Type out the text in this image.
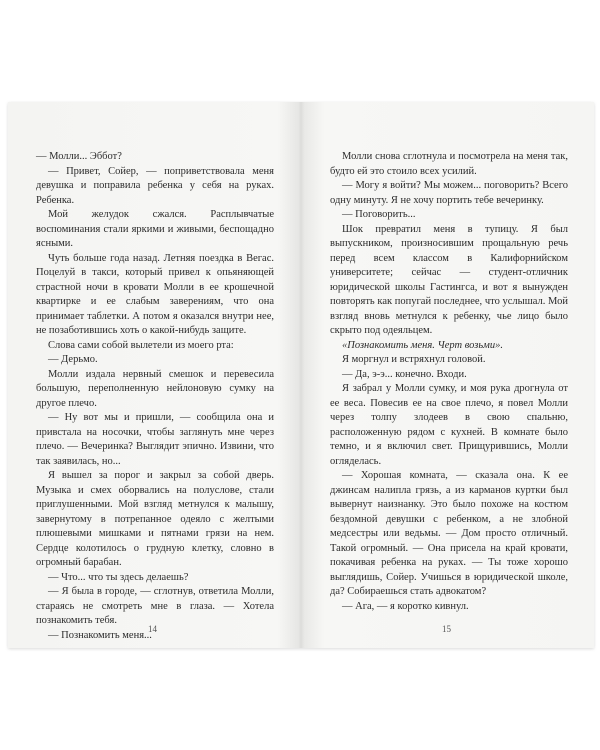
— Молли... Эббот?

— Привет, Сойер, — поприветствовала меня девушка и поправила ребенка у себя на руках. Ребенка.

Мой желудок сжался. Расплывчатые воспоминания стали яркими и живыми, беспощадно ясными.

Чуть больше года назад. Летняя поездка в Вегас. Поцелуй в такси, который привел к опьяняющей страстной ночи в кровати Молли в ее крошечной квартирке и ее слабым заверениям, что она принимает таблетки. А потом я оказался внутри нее, не позаботившись хоть о какой-нибудь защите.

Слова сами собой вылетели из моего рта:

— Дерьмо.

Молли издала нервный смешок и перевесила большую, переполненную нейлоновую сумку на другое плечо.

— Ну вот мы и пришли, — сообщила она и привстала на носочки, чтобы заглянуть мне через плечо. — Вечеринка? Выглядит эпично. Извини, что так заявилась, но...

Я вышел за порог и закрыл за собой дверь. Музыка и смех оборвались на полуслове, стали приглушенными. Мой взгляд метнулся к малышу, завернутому в потрепанное одеяло с желтыми плюшевыми мишками и пятнами грязи на нем. Сердце колотилось о грудную клетку, словно в огромный барабан.

— Что... что ты здесь делаешь?

— Я была в городе, — сглотнув, ответила Молли, стараясь не смотреть мне в глаза. — Хотела познакомить тебя.

— Познакомить меня...

Молли снова сглотнула и посмотрела на меня так, будто ей это стоило всех усилий.

— Могу я войти? Мы можем... поговорить? Всего одну минуту. Я не хочу портить тебе вечеринку.

— Поговорить...

Шок превратил меня в тупицу. Я был выпускником, произносившим прощальную речь перед всем классом в Калифорнийском университете; сейчас — студент-отличник юридической школы Гастингса, и вот я вынужден повторять как попугай последнее, что услышал. Мой взгляд вновь метнулся к ребенку, чье лицо было скрыто под одеяльцем.

«Познакомить меня. Черт возьми».

Я моргнул и встряхнул головой.

— Да, э-э... конечно. Входи.

Я забрал у Молли сумку, и моя рука дрогнула от ее веса. Повесив ее на свое плечо, я повел Молли через толпу злодеев в свою спальню, расположенную рядом с кухней. В комнате было темно, и я включил свет. Прищурившись, Молли огляделась.

— Хорошая комната, — сказала она. К ее джинсам налипла грязь, а из карманов куртки был вывернут наизнанку. Это было похоже на костюм бездомной девушки с ребенком, а не злобной медсестры или ведьмы. — Дом просто отличный. Такой огромный. — Она присела на край кровати, покачивая ребенка на руках. — Ты тоже хорошо выглядишь, Сойер. Учишься в юридической школе, да? Собираешься стать адвокатом?

— Ага, — я коротко кивнул.

14	15
